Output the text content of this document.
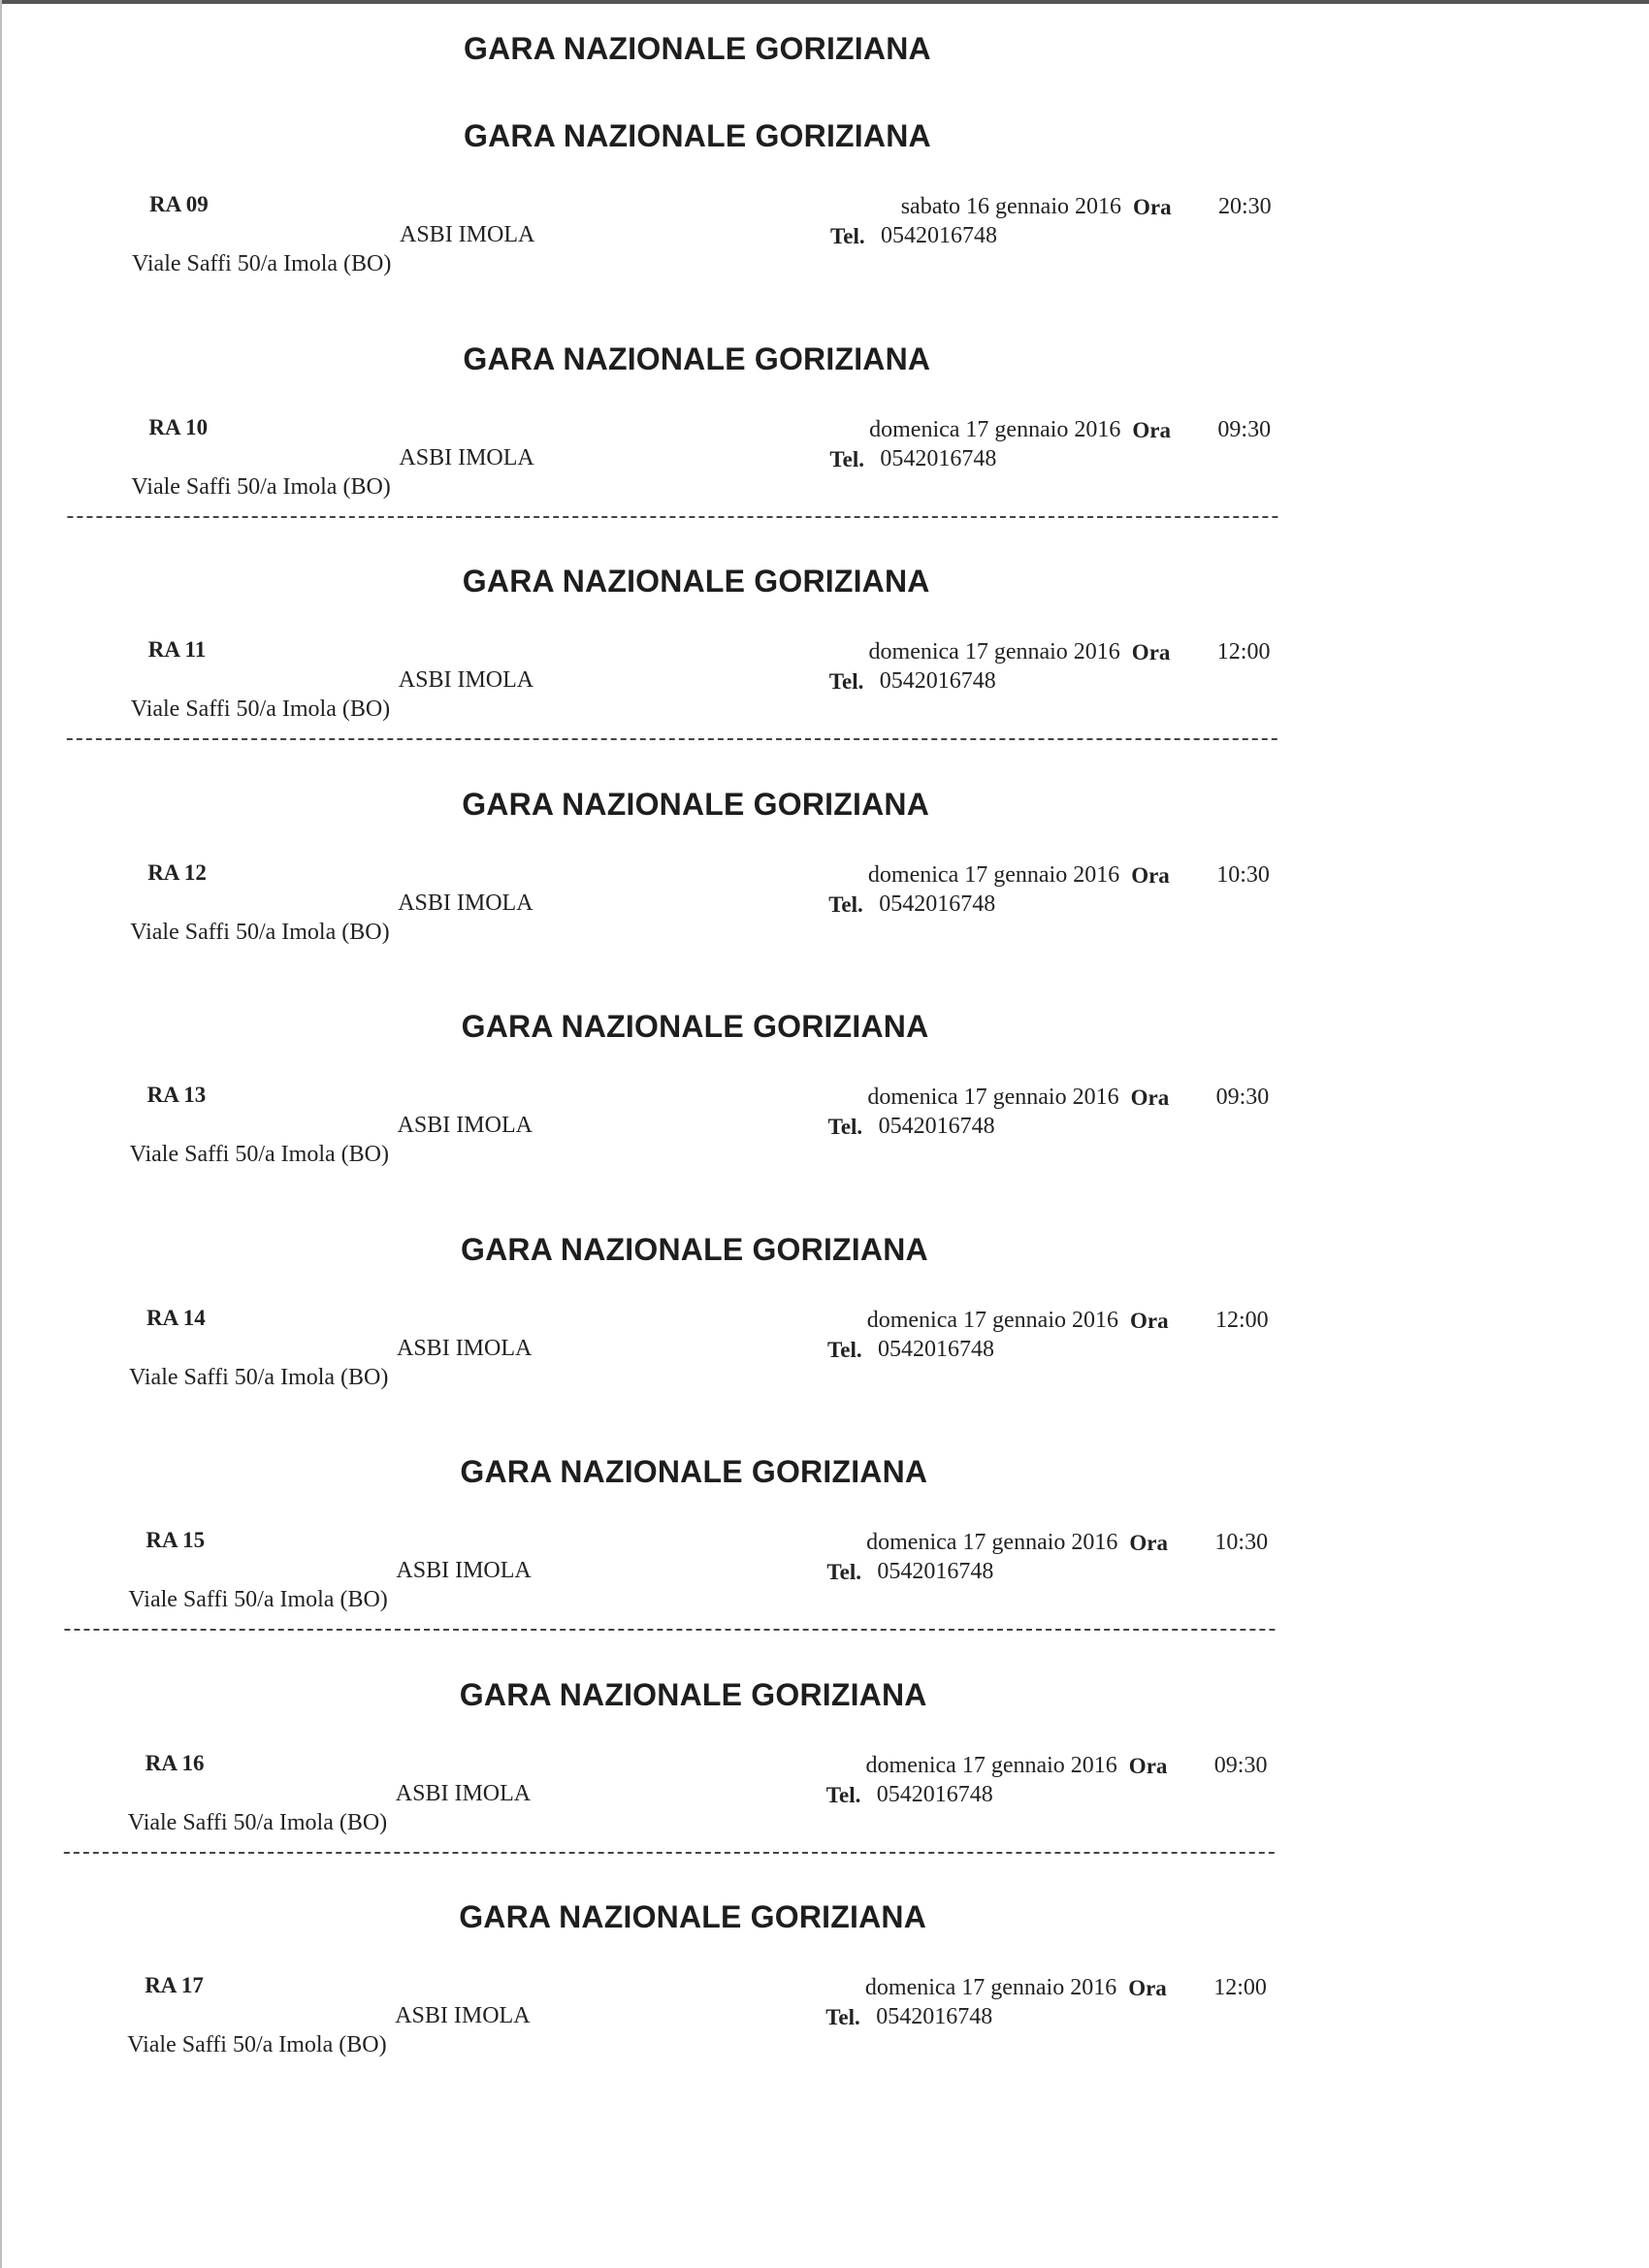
GARA NAZIONALE GORIZIANA
GARA NAZIONALE GORIZIANA
RA 09
ASBI IMOLA
Viale Saffi 50/a Imola (BO)
sabato 16 gennaio 2016 Ora 20:30
Tel. 0542016748
GARA NAZIONALE GORIZIANA
RA 10
ASBI IMOLA
Viale Saffi 50/a Imola (BO)
domenica 17 gennaio 2016 Ora 09:30
Tel. 0542016748
GARA NAZIONALE GORIZIANA
RA 11
ASBI IMOLA
Viale Saffi 50/a Imola (BO)
domenica 17 gennaio 2016 Ora 12:00
Tel. 0542016748
GARA NAZIONALE GORIZIANA
RA 12
ASBI IMOLA
Viale Saffi 50/a Imola (BO)
domenica 17 gennaio 2016 Ora 10:30
Tel. 0542016748
GARA NAZIONALE GORIZIANA
RA 13
ASBI IMOLA
Viale Saffi 50/a Imola (BO)
domenica 17 gennaio 2016 Ora 09:30
Tel. 0542016748
GARA NAZIONALE GORIZIANA
RA 14
ASBI IMOLA
Viale Saffi 50/a Imola (BO)
domenica 17 gennaio 2016 Ora 12:00
Tel. 0542016748
GARA NAZIONALE GORIZIANA
RA 15
ASBI IMOLA
Viale Saffi 50/a Imola (BO)
domenica 17 gennaio 2016 Ora 10:30
Tel. 0542016748
GARA NAZIONALE GORIZIANA
RA 16
ASBI IMOLA
Viale Saffi 50/a Imola (BO)
domenica 17 gennaio 2016 Ora 09:30
Tel. 0542016748
GARA NAZIONALE GORIZIANA
RA 17
ASBI IMOLA
Viale Saffi 50/a Imola (BO)
domenica 17 gennaio 2016 Ora 12:00
Tel. 0542016748
